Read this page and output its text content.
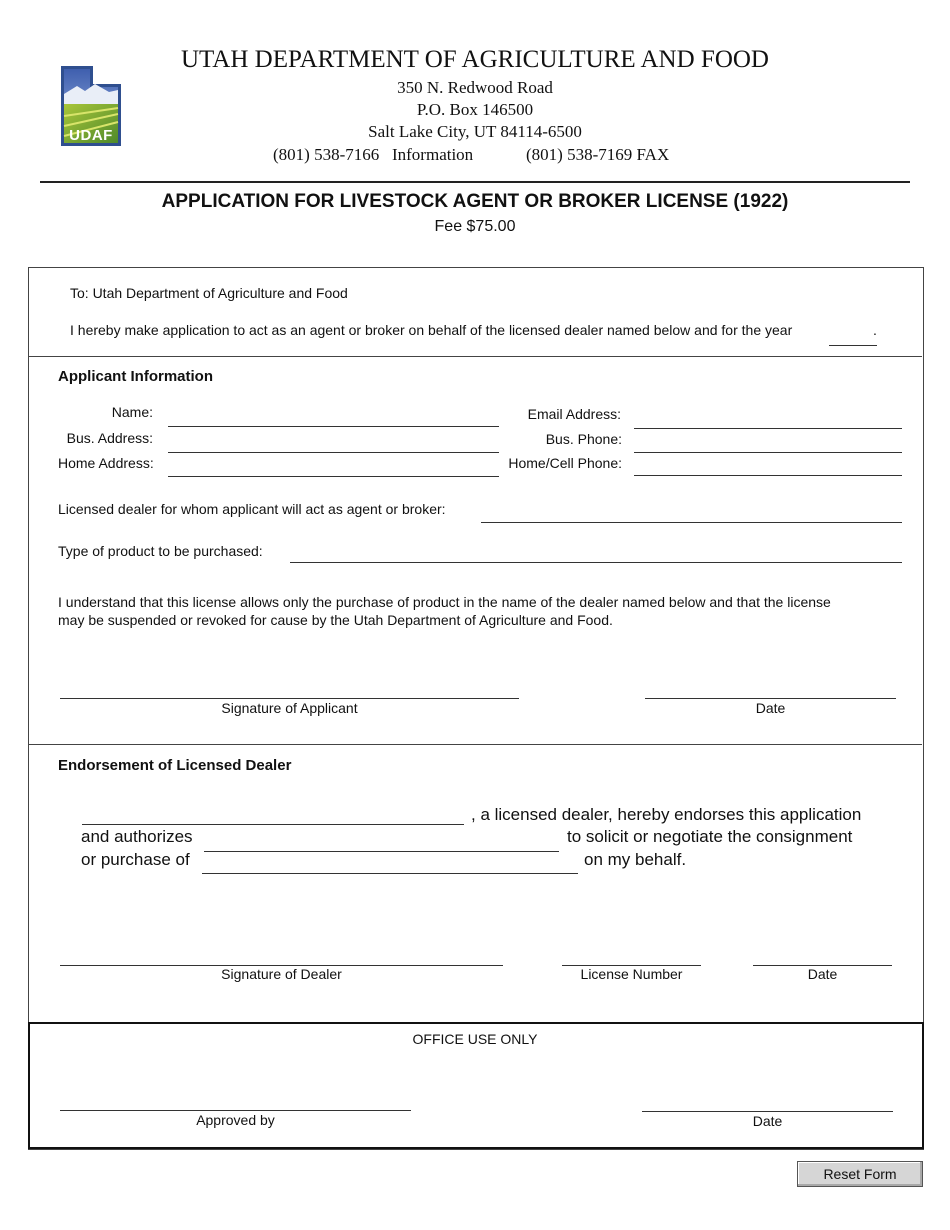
UDAF
UTAH DEPARTMENT OF AGRICULTURE AND FOOD
350 N. Redwood Road
P.O. Box 146500
Salt Lake City, UT 84114-6500
(801) 538-7166   Information	(801) 538-7169 FAX
APPLICATION FOR LIVESTOCK AGENT OR BROKER LICENSE (1922)
Fee $75.00
To: Utah Department of Agriculture and Food
I hereby make application to act as an agent or broker on behalf of the licensed dealer named below and for the year	.
Applicant Information
Name:
Bus. Address:
Home Address:
Email Address:
Bus. Phone:
Home/Cell Phone:
Licensed dealer for whom applicant will act as agent or broker:
Type of product to be purchased:
I understand that this license allows only the purchase of product in the name of the dealer named below and that the license
may be suspended or revoked for cause by the Utah Department of Agriculture and Food.
Signature of Applicant	Date
Endorsement of Licensed Dealer
, a licensed dealer, hereby endorses this application
and authorizes	to solicit or negotiate the consignment
or purchase of	on my behalf.
Signature of Dealer	License Number	Date
OFFICE USE ONLY
Approved by	Date
Reset Form
